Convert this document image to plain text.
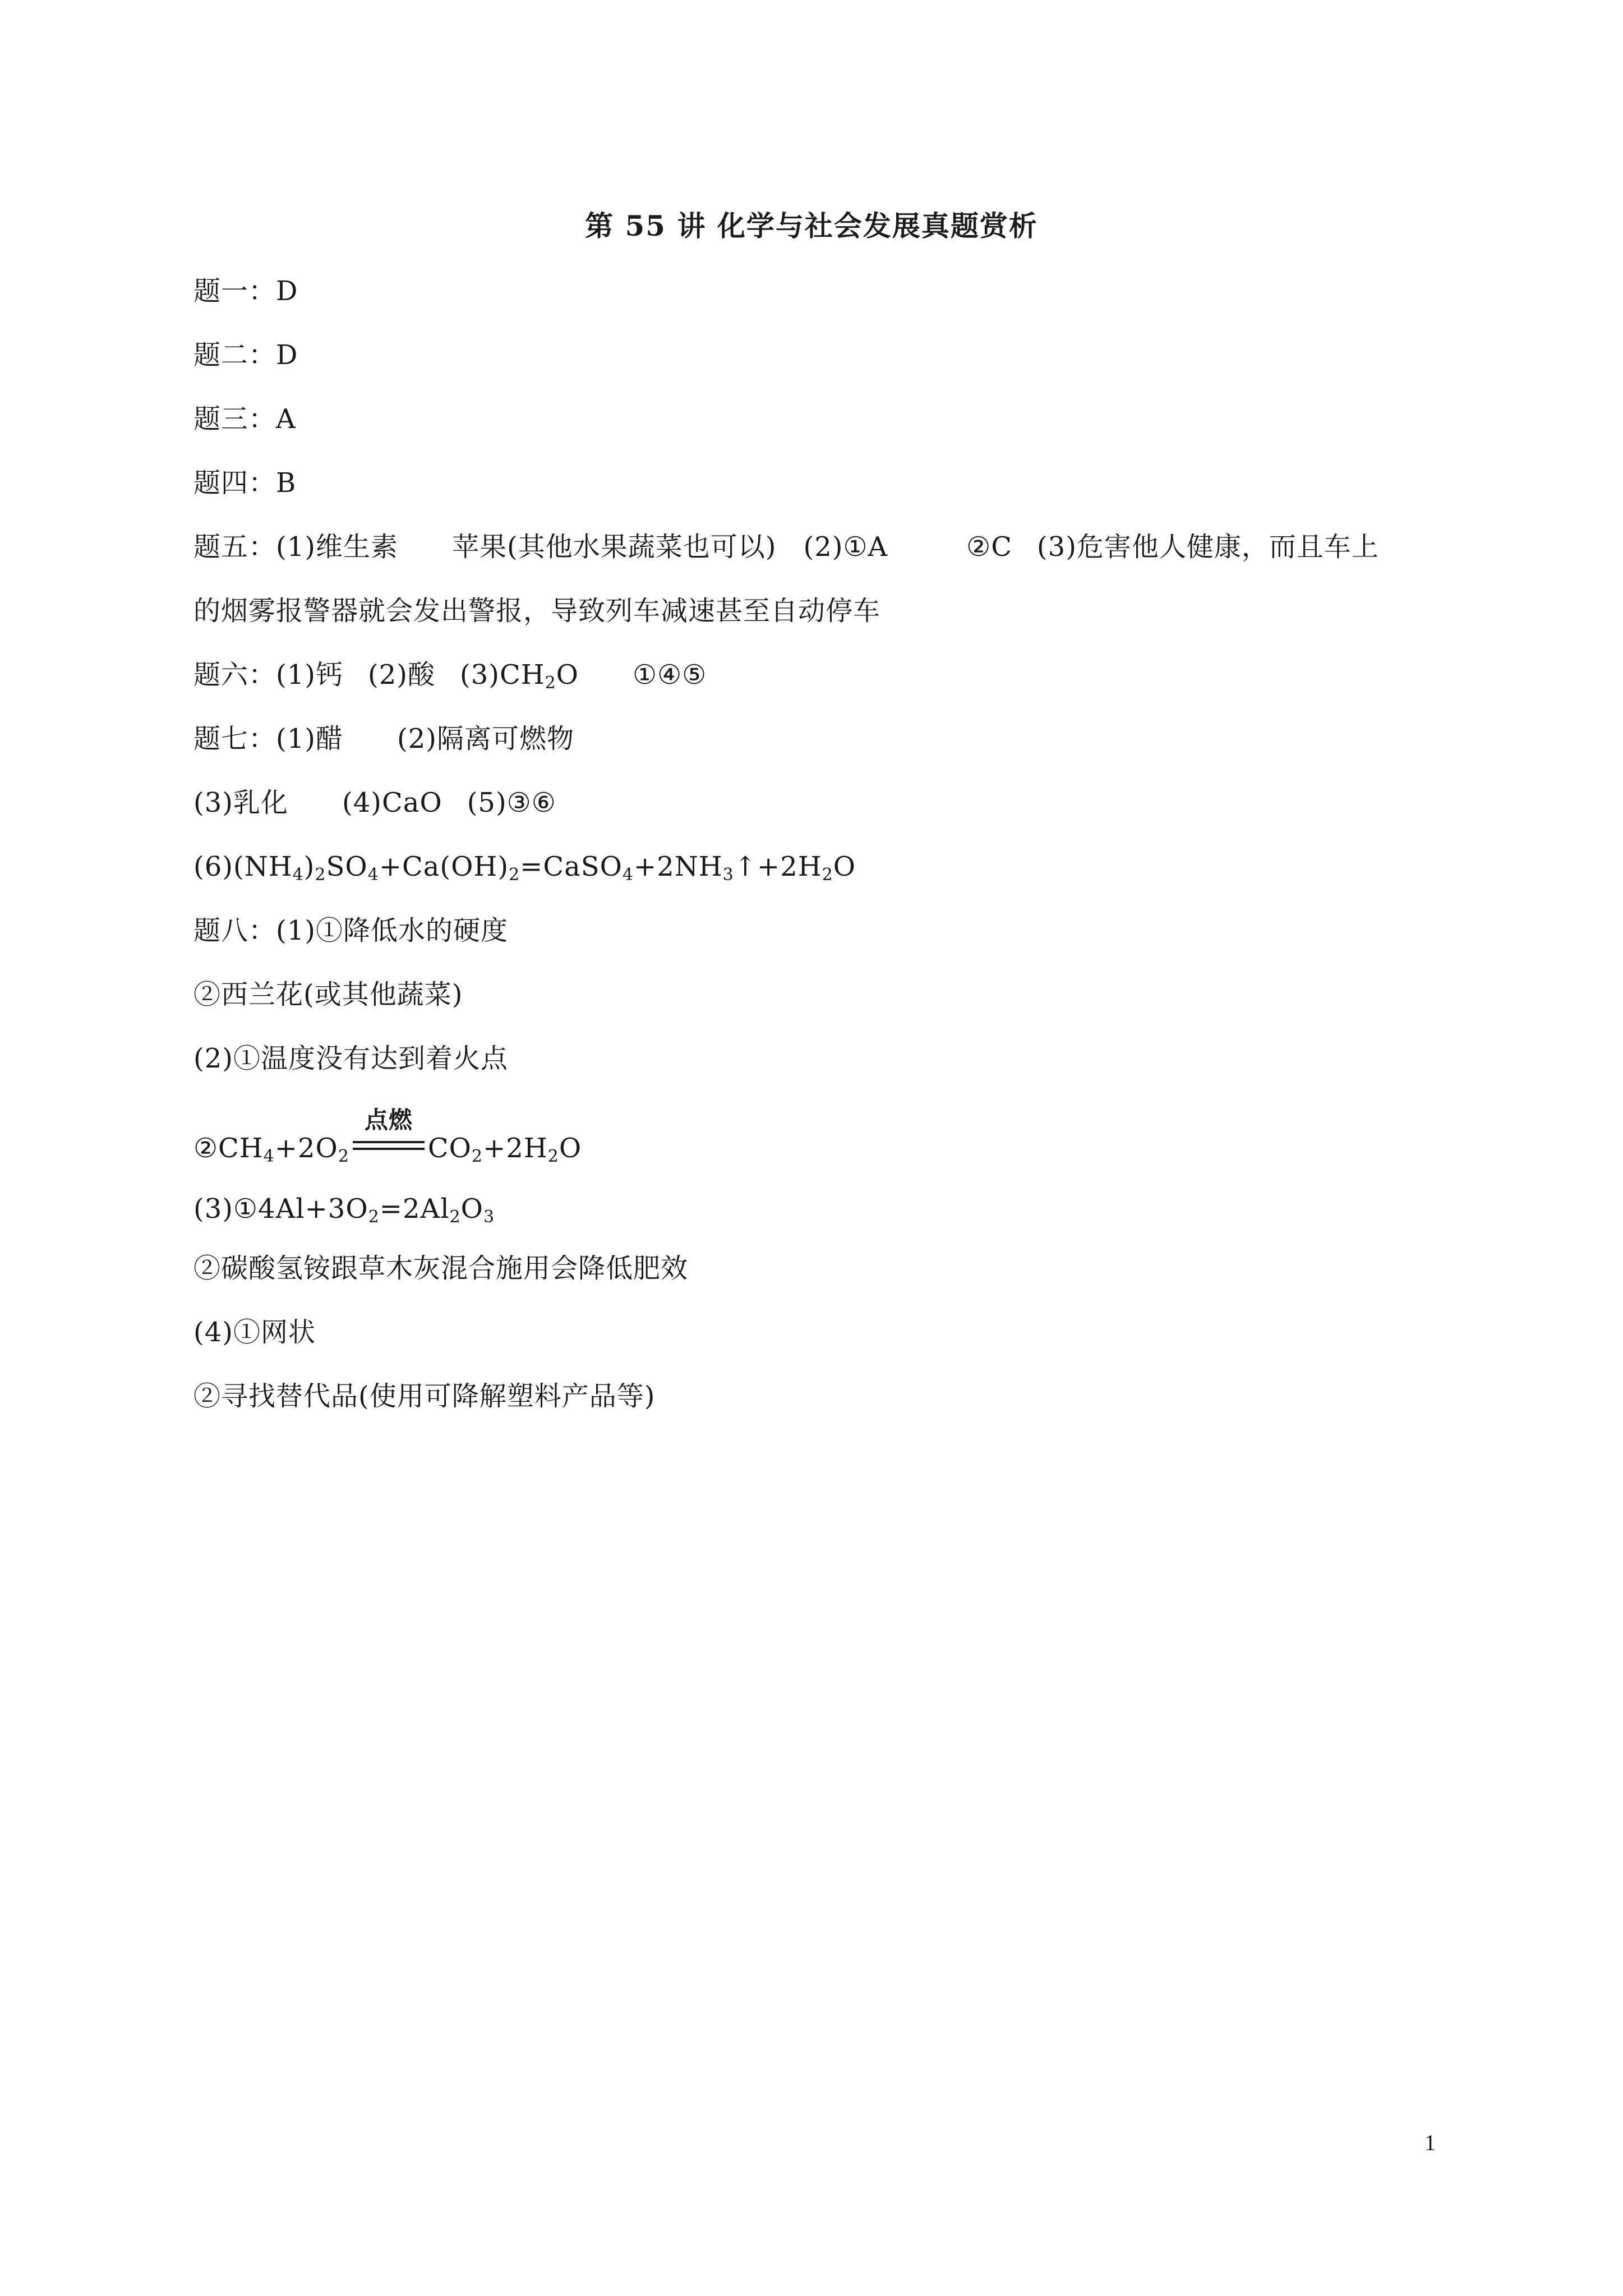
第 55 讲 化学与社会发展真题赏析
题一：D
题二：D
题三：A
题四：B
题五：(1)维生素 苹果(其他水果蔬菜也可以) (2)①A	②C (3)危害他人健康，而且车上
的烟雾报警器就会发出警报，导致列车减速甚至自动停车
题六：(1)钙 (2)酸 $(3)CH_2O$ ①④⑤
题七：(1)醋 (2)隔离可燃物
(3)乳化 (4)CaO (5)③⑥
$(6)(NH_4)_2SO_4+Ca(OH)_2=CaSO_4+2NH_3↑+2H_2O$
题八：(1)①降低水的硬度
②西兰花(或其他蔬菜)
(2)①温度没有达到着火点
$②CH_4+2O_2$
点燃
$CO_2+2H_2O$
$(3)①4Al+3O_2=2Al_2O_3$
②碳酸氢铵跟草木灰混合施用会降低肥效
(4)①网状
②寻找替代品(使用可降解塑料产品等)
1
